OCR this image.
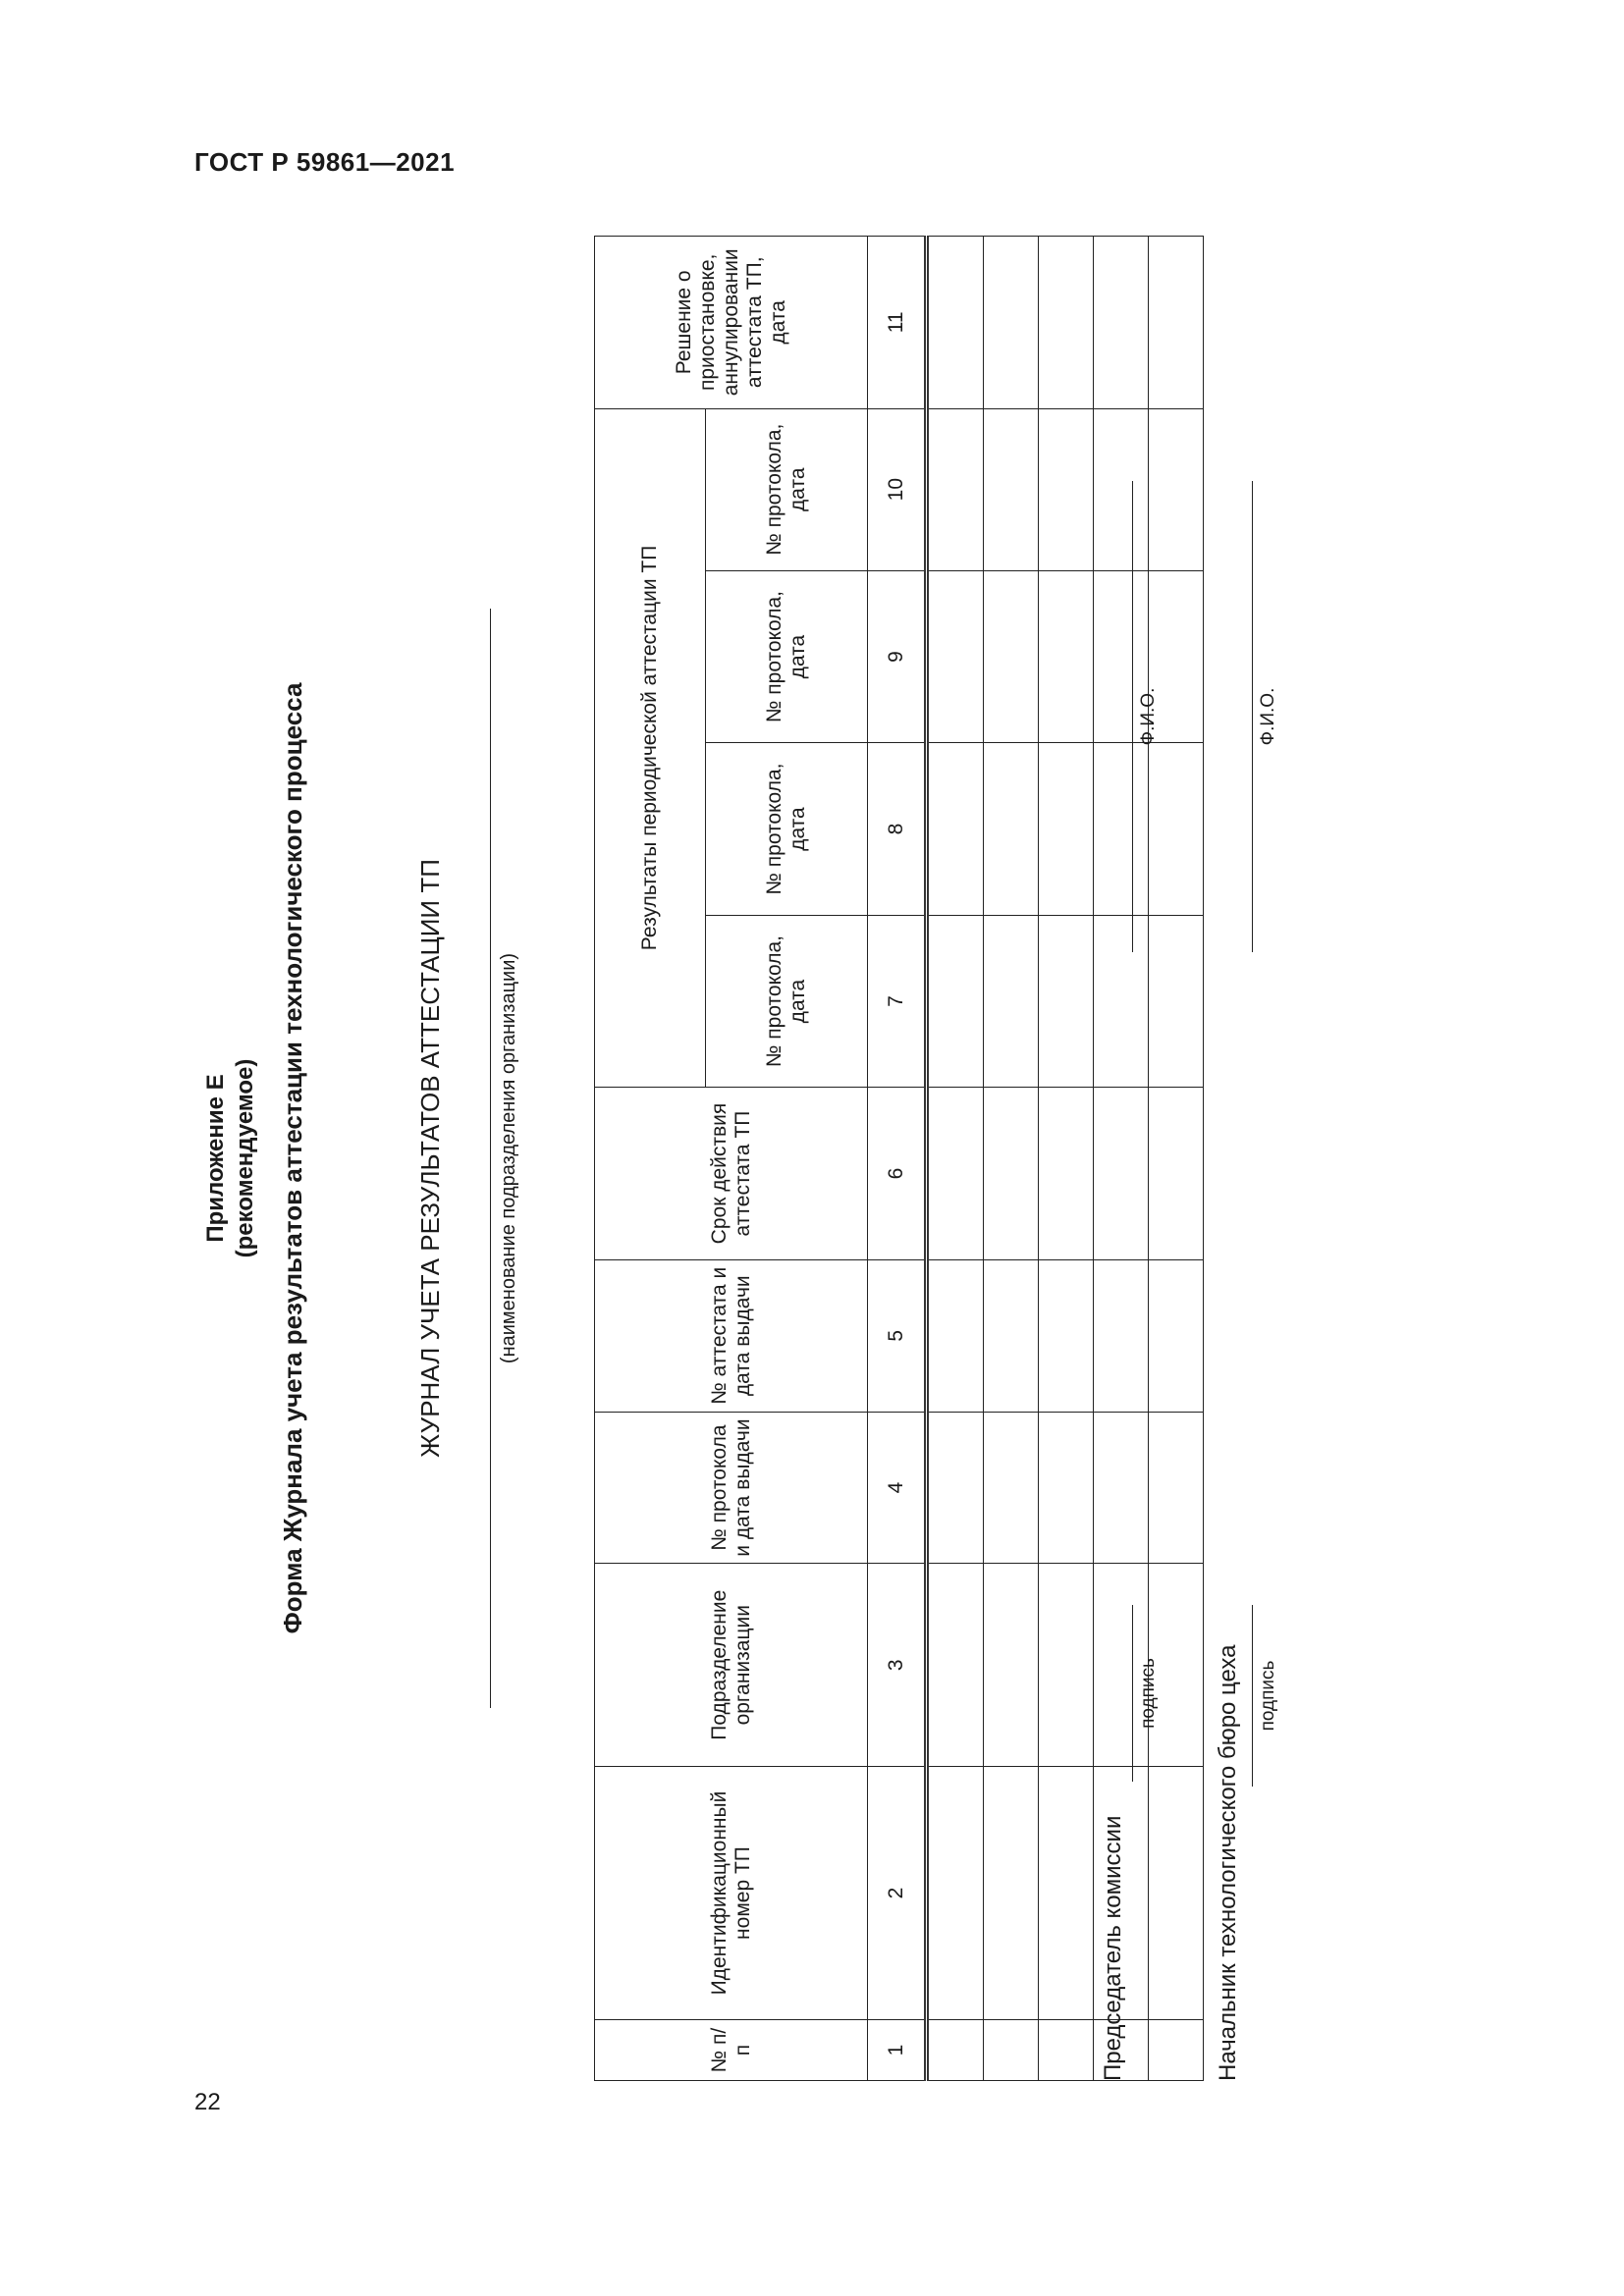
ГОСТ Р 59861—2021
Приложение Е (рекомендуемое) Форма Журнала учета результатов аттестации технологического процесса	ЖУРНАЛ УЧЕТА РЕЗУЛЬТАТОВ АТТЕСТАЦИИ ТП	(наименование подразделения организации)
№ п/п	Идентификационный номер ТП	Подразделение организации	№ протокола и дата выдачи	№ аттестата и дата выдачи	Срок действия аттестата ТП	Результаты периодической аттестации ТП				Решение о приостановке, аннулировании аттестата ТП, дата
						№ протокола, дата	№ протокола, дата	№ протокола, дата	№ протокола, дата	
1	2	3	4	5	6	7	8	9	10	11

Председатель комиссии
подпись
Ф.И.О.
Начальник технологического бюро цеха подпись
Ф.И.О.
22
